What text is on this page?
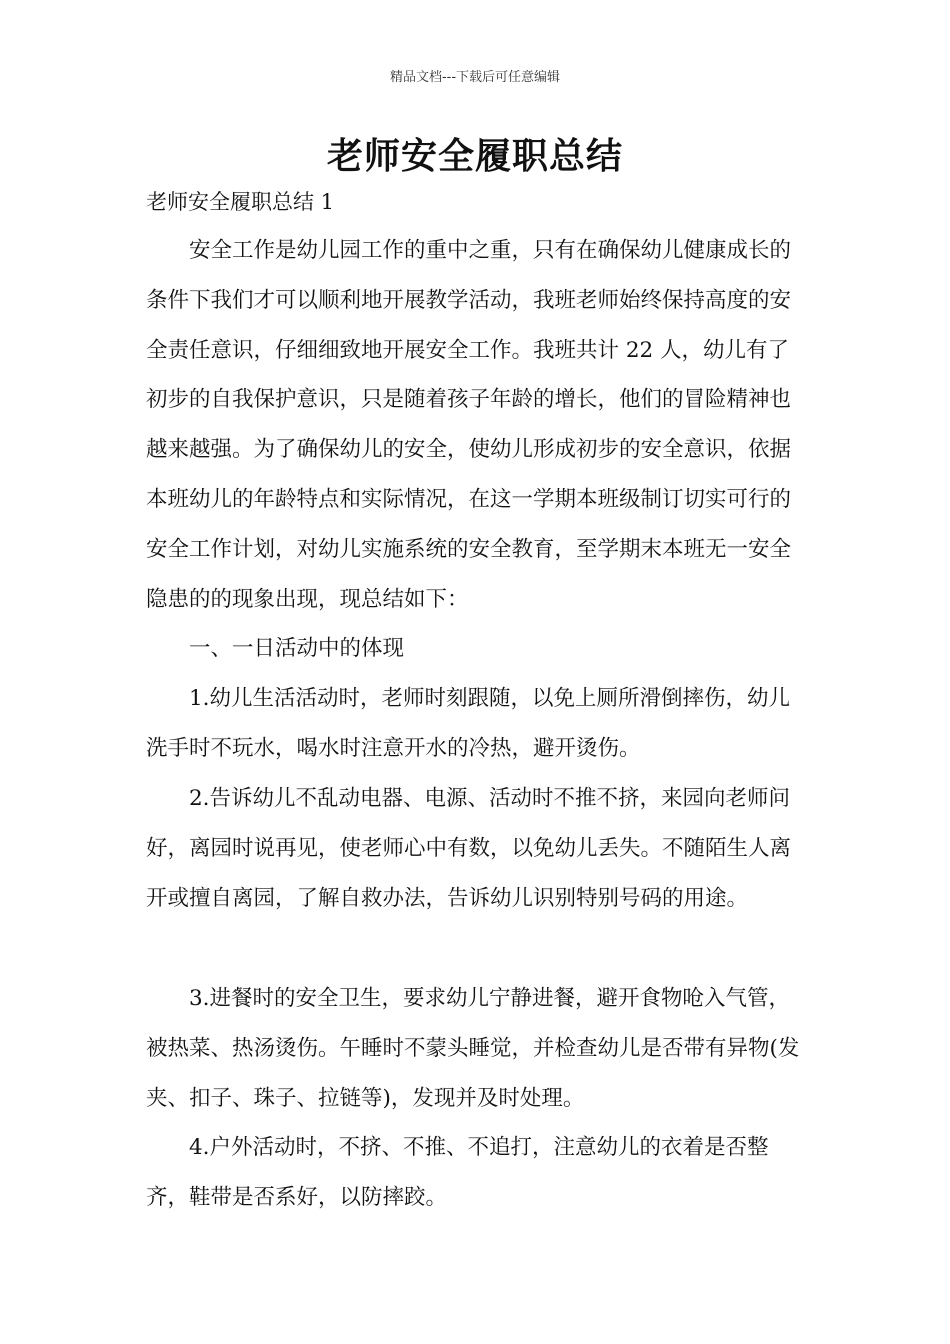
精品文档---下载后可任意编辑
老师安全履职总结
老师安全履职总结 1

安全工作是幼儿园工作的重中之重，只有在确保幼儿健康成长的条件下我们才可以顺利地开展教学活动，我班老师始终保持高度的安全责任意识，仔细细致地开展安全工作。我班共计 22 人，幼儿有了初步的自我保护意识，只是随着孩子年龄的增长，他们的冒险精神也越来越强。为了确保幼儿的安全，使幼儿形成初步的安全意识，依据本班幼儿的年龄特点和实际情况，在这一学期本班级制订切实可行的安全工作计划，对幼儿实施系统的安全教育，至学期末本班无一安全隐患的的现象出现，现总结如下：

一、一日活动中的体现

1.幼儿生活活动时，老师时刻跟随，以免上厕所滑倒摔伤，幼儿洗手时不玩水，喝水时注意开水的冷热，避开烫伤。

2.告诉幼儿不乱动电器、电源、活动时不推不挤，来园向老师问好，离园时说再见，使老师心中有数，以免幼儿丢失。不随陌生人离开或擅自离园，了解自救办法，告诉幼儿识别特别号码的用途。

3.进餐时的安全卫生，要求幼儿宁静进餐，避开食物呛入气管，被热菜、热汤烫伤。午睡时不蒙头睡觉，并检查幼儿是否带有异物(发夹、扣子、珠子、拉链等)，发现并及时处理。

4.户外活动时，不挤、不推、不追打，注意幼儿的衣着是否整齐，鞋带是否系好，以防摔跤。
